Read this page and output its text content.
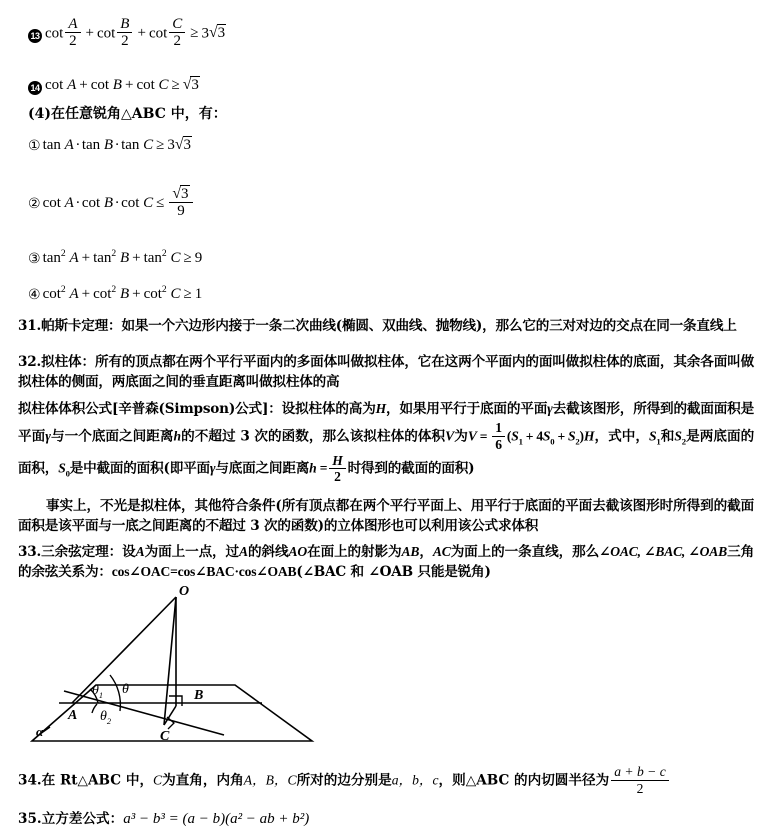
13 $\cot \frac{A}{2} + \cot \frac{B}{2} + \cot \frac{C}{2} \ge 3√3$
14 cot A + cot B + cot C ≥ √3
(4)在任意锐角△ABC 中，有：
① tan A · tan B · tan C ≥ 3√3
② $\cot A \cdot \cot B \cdot \cot C \le \frac{√3}{9}$
③ $\tan^2 A + \tan^2 B + \tan^2 C \ge 9$
④ $\cot^2 A + \cot^2 B + \cot^2 C \ge 1$
31.帕斯卡定理：如果一个六边形内接于一条二次曲线(椭圆、双曲线、抛物线)，那么它的三对对边的交点在同一条直线上
32.拟柱体：所有的顶点都在两个平行平面内的多面体叫做拟柱体，它在这两个平面内的面叫做拟柱体的底面，其余各面叫做拟柱体的侧面，两底面之间的垂直距离叫做拟柱体的高
拟柱体体积公式[辛普森(Simpson)公式]：设拟柱体的高为H，如果用平行于底面的平面γ去截该图形，所得到的截面面积是平面γ与一个底面之间距离h的不超过 3 次的函数，那么该拟柱体的体积V为$V = \frac{1}{6} (S_1 + 4S_0 + S_2)H$，式中，$S_1$和$S_2$是两底面的面积，$S_0$是中截面的面积(即平面γ与底面之间距离$h = \frac{H}{2}$ 时得到的截面的面积)
事实上，不光是拟柱体，其他符合条件(所有顶点都在两个平行平面上、用平行于底面的平面去截该图形时所得到的截面面积是该平面与一底之间距离的不超过 3 次的函数)的立体图形也可以利用该公式求体积
33.三余弦定理：设A为面上一点，过A的斜线AO在面上的射影为AB，AC为面上的一条直线，那么∠OAC, ∠BAC, ∠OAB三角的余弦关系为：cos∠OAC=cos∠BAC·cos∠OAB(∠BAC 和 ∠OAB 只能是锐角)
O
A
B
C
α
θ
$\theta_1$
$\theta_2$
34.在 Rt△ABC 中，C为直角，内角A，B，C所对的边分别是a，b，c，则△ABC 的内切圆半径为 $\frac{a + b - c}{2}$
35.立方差公式：a³ − b³ = (a − b)(a² − ab + b²)
